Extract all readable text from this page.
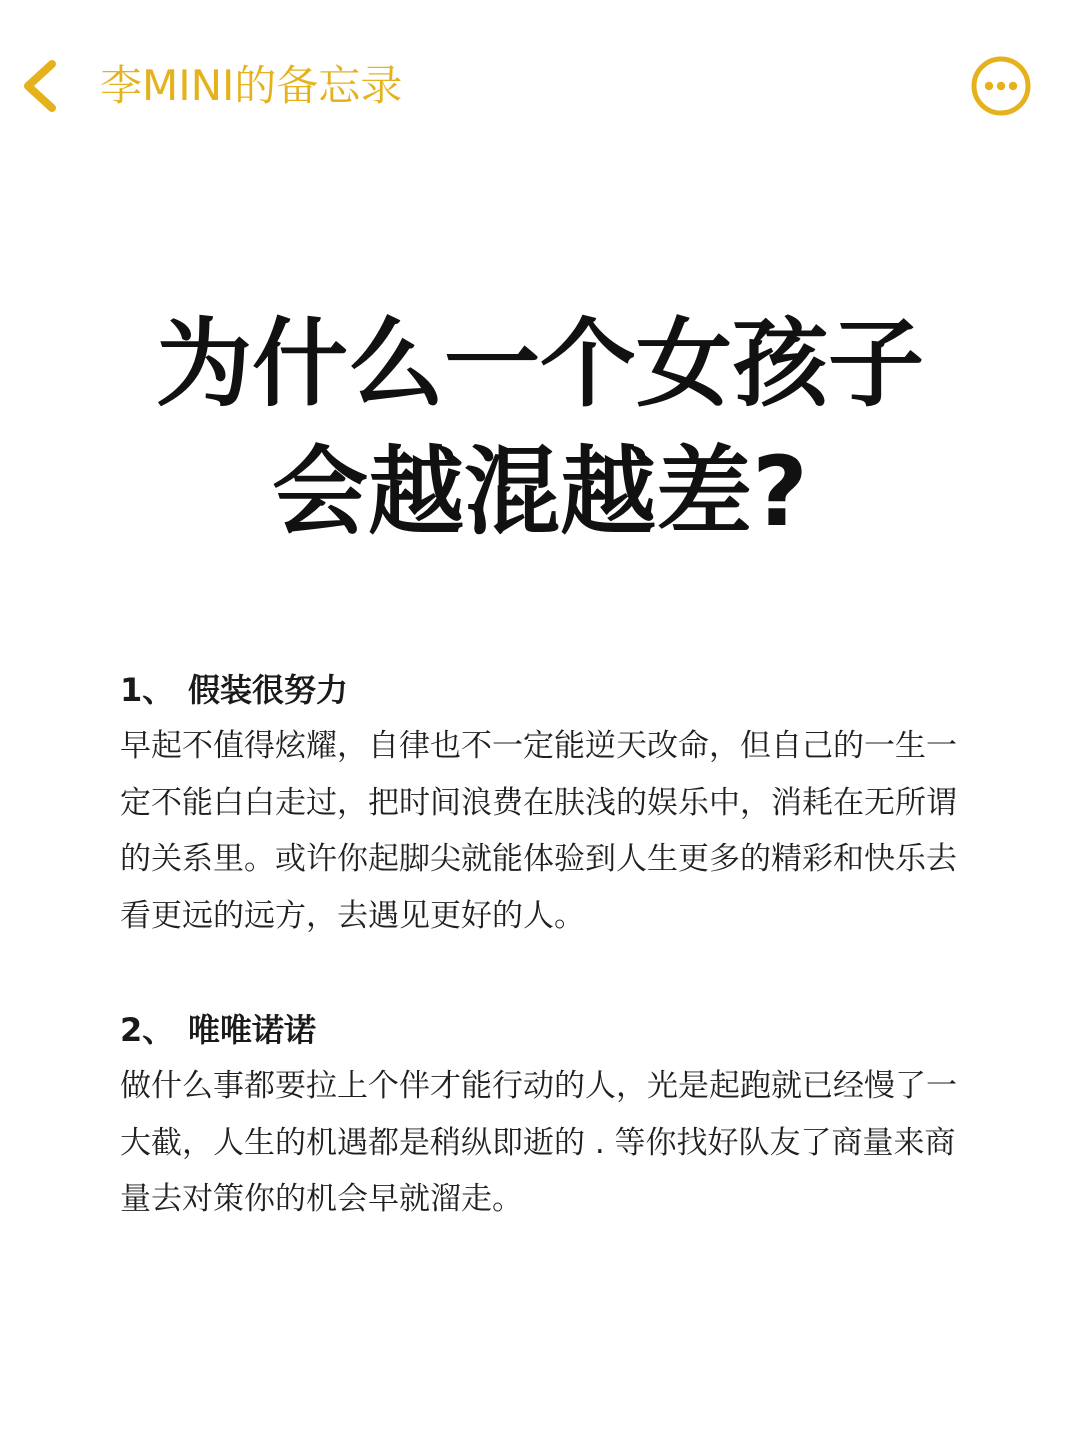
李MINI的备忘录
为什么一个女孩子
会越混越差?
1、 假装很努力
早起不值得炫耀，自律也不一定能逆天改命，但自己的一生一定不能白白走过，把时间浪费在肤浅的娱乐中，消耗在无所谓的关系里。或许你起脚尖就能体验到人生更多的精彩和快乐去看更远的远方，去遇见更好的人。
2、 唯唯诺诺
做什么事都要拉上个伴才能行动的人，光是起跑就已经慢了一大截，人生的机遇都是稍纵即逝的 . 等你找好队友了商量来商量去对策你的机会早就溜走。
